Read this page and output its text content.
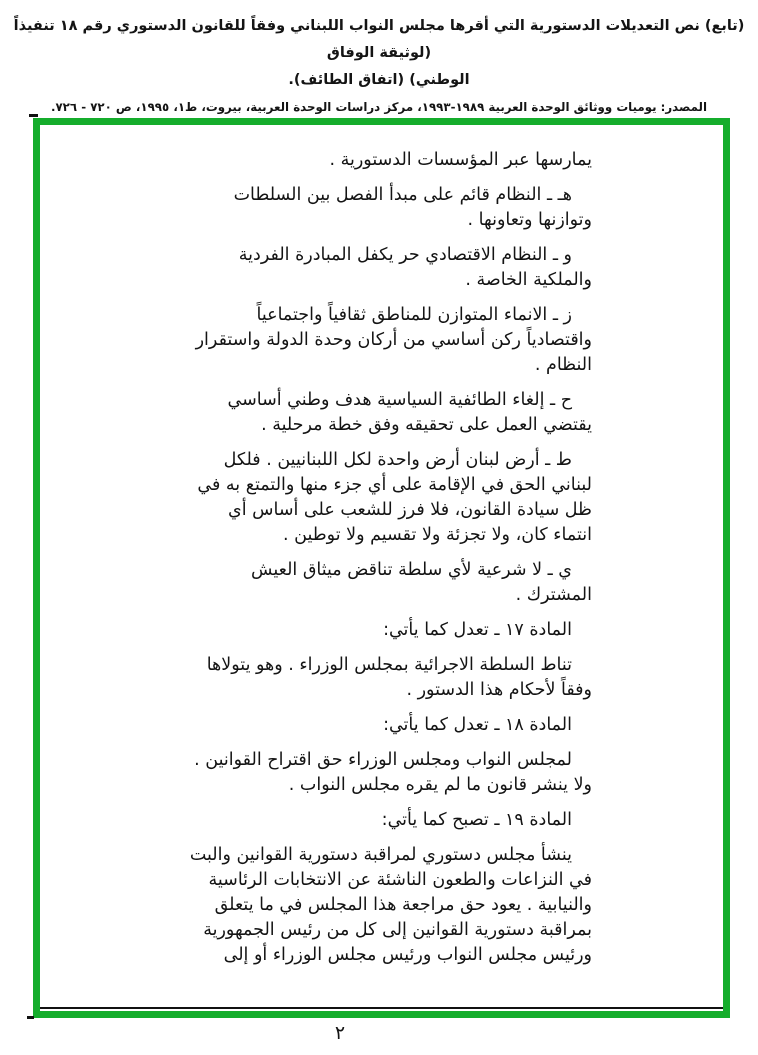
(تابع) نص التعديلات الدستورية التي أقرها مجلس النواب اللبناني وفقاً للقانون الدستوري رقم ١٨ تنفيذاً (لوثيقة الوفاق
الوطني) (اتفاق الطائف).
المصدر: يوميات ووثائق الوحدة العربية ١٩٨٩-١٩٩٣، مركز دراسات الوحدة العربية، بيروت، ط١، ١٩٩٥، ص ٧٢٠ - ٧٢٦.
يمارسها عبر المؤسسات الدستورية .
هـ ـ النظام قائم على مبدأ الفصل بين السلطات
وتوازنها وتعاونها .
و ـ النظام الاقتصادي حر يكفل المبادرة الفردية
والملكية الخاصة .
ز ـ الانماء المتوازن للمناطق ثقافياً واجتماعياً
واقتصادياً ركن أساسي من أركان وحدة الدولة واستقرار
النظام .
ح ـ إلغاء الطائفية السياسية هدف وطني أساسي
يقتضي العمل على تحقيقه وفق خطة مرحلية .
ط ـ أرض لبنان أرض واحدة لكل اللبنانيين . فلكل
لبناني الحق في الإقامة على أي جزء منها والتمتع به في
ظل سيادة القانون، فلا فرز للشعب على أساس أي
انتماء كان، ولا تجزئة ولا تقسيم ولا توطين .
ي ـ لا شرعية لأي سلطة تناقض ميثاق العيش
المشترك .
المادة ١٧ ـ تعدل كما يأتي:
تناط السلطة الاجرائية بمجلس الوزراء . وهو يتولاها
وفقاً لأحكام هذا الدستور .
المادة ١٨ ـ تعدل كما يأتي:
لمجلس النواب ومجلس الوزراء حق اقتراح القوانين .
ولا ينشر قانون ما لم يقره مجلس النواب .
المادة ١٩ ـ تصبح كما يأتي:
ينشأ مجلس دستوري لمراقبة دستورية القوانين والبت
في النزاعات والطعون الناشئة عن الانتخابات الرئاسية
والنيابية . يعود حق مراجعة هذا المجلس في ما يتعلق
بمراقبة دستورية القوانين إلى كل من رئيس الجمهورية
ورئيس مجلس النواب ورئيس مجلس الوزراء أو إلى
٢
